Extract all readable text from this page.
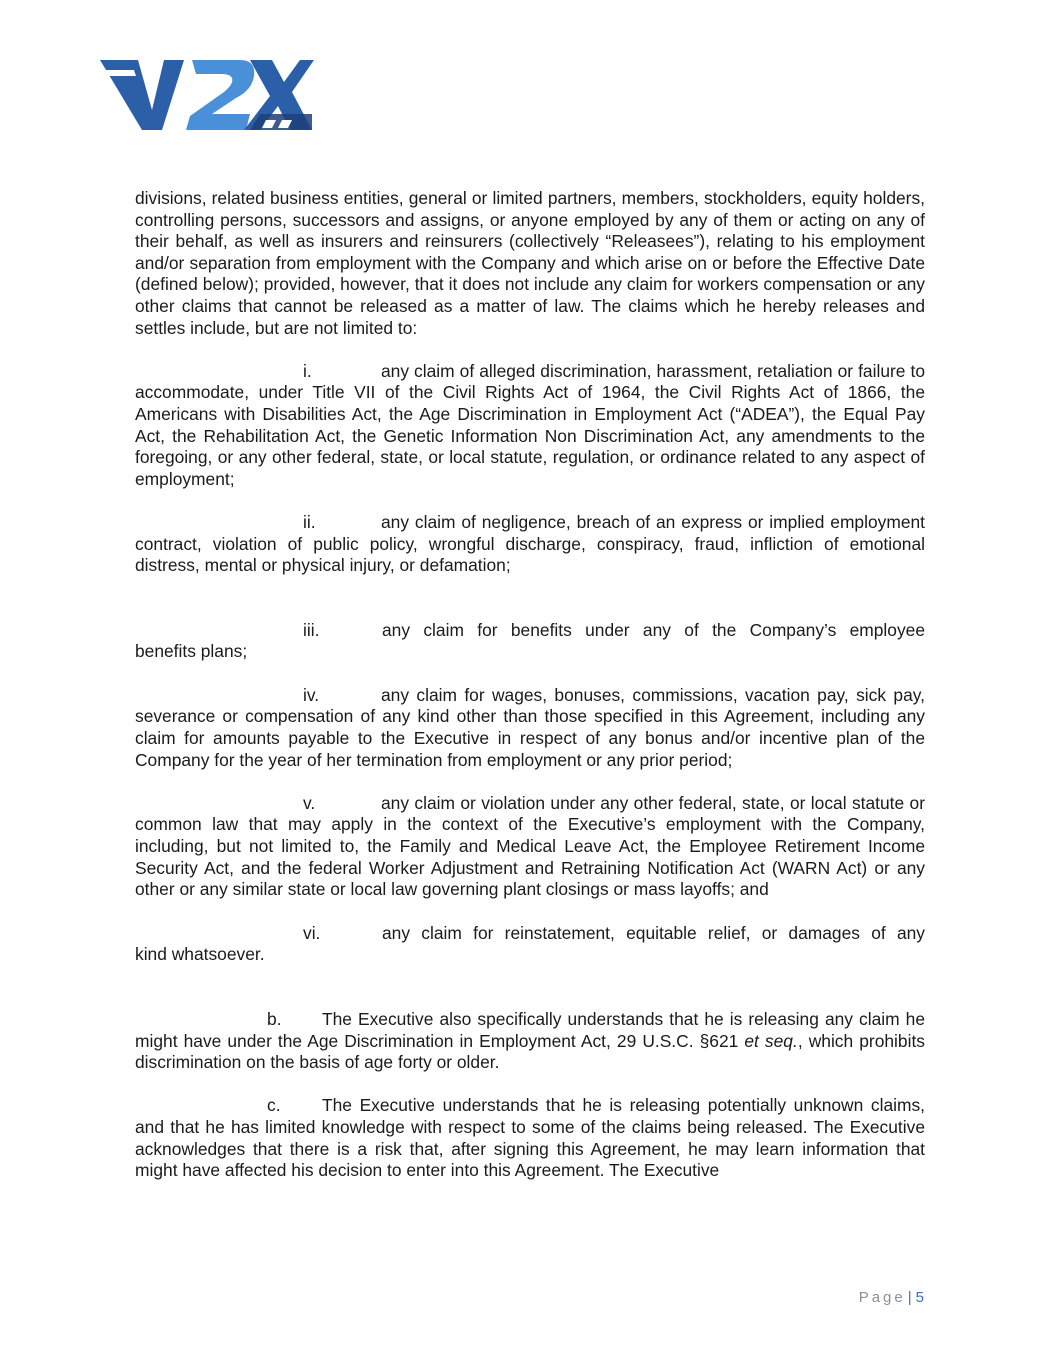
divisions, related business entities, general or limited partners, members, stockholders, equity holders, controlling persons, successors and assigns, or anyone employed by any of them or acting on any of their behalf, as well as insurers and reinsurers (collectively “Releasees”), relating to his employment and/or separation from employment with the Company and which arise on or before the Effective Date (defined below); provided, however, that it does not include any claim for workers compensation or any other claims that cannot be released as a matter of law. The claims which he hereby releases and settles include, but are not limited to:

i.	any claim of alleged discrimination, harassment, retaliation or failure to accommodate, under Title VII of the Civil Rights Act of 1964, the Civil Rights Act of 1866, the Americans with Disabilities Act, the Age Discrimination in Employment Act (“ADEA”), the Equal Pay Act, the Rehabilitation Act, the Genetic Information Non Discrimination Act, any amendments to the foregoing, or any other federal, state, or local statute, regulation, or ordinance related to any aspect of employment;

ii.	any claim of negligence, breach of an express or implied employment contract, violation of public policy, wrongful discharge, conspiracy, fraud, infliction of emotional distress, mental or physical injury, or defamation;

iii.	any claim for benefits under any of the Company’s employee
benefits plans;

iv.	any claim for wages, bonuses, commissions, vacation pay, sick pay, severance or compensation of any kind other than those specified in this Agreement, including any claim for amounts payable to the Executive in respect of any bonus and/or incentive plan of the Company for the year of her termination from employment or any prior period;

v.	any claim or violation under any other federal, state, or local statute or common law that may apply in the context of the Executive’s employment with the Company, including, but not limited to, the Family and Medical Leave Act, the Employee Retirement Income Security Act, and the federal Worker Adjustment and Retraining Notification Act (WARN Act) or any other or any similar state or local law governing plant closings or mass layoffs; and

vi.	any claim for reinstatement, equitable relief, or damages of any
kind whatsoever.

b. The Executive also specifically understands that he is releasing any claim he might have under the Age Discrimination in Employment Act, 29 U.S.C. §621 et seq., which prohibits discrimination on the basis of age forty or older.

c. The Executive understands that he is releasing potentially unknown claims, and that he has limited knowledge with respect to some of the claims being released. The Executive acknowledges that there is a risk that, after signing this Agreement, he may learn information that might have affected his decision to enter into this Agreement. The Executive

Page | 5
